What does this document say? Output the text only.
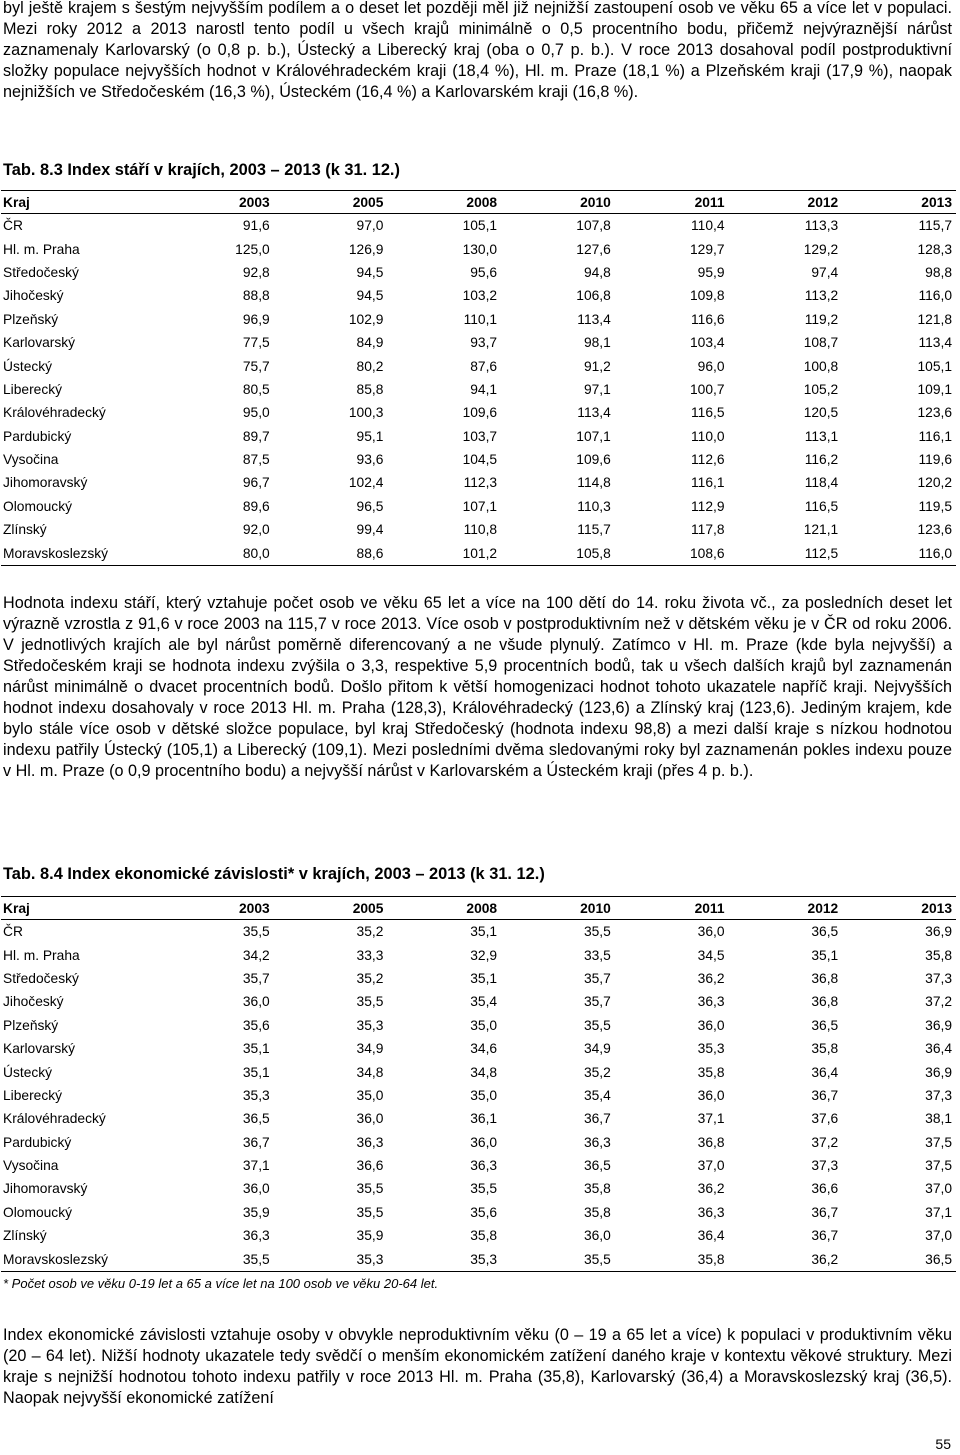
byl ještě krajem s šestým nejvyšším podílem a o deset let později měl již nejnižší zastoupení osob ve věku 65 a více let v populaci. Mezi roky 2012 a 2013 narostl tento podíl u všech krajů minimálně o 0,5 procentního bodu, přičemž nejvýraznější nárůst zaznamenaly Karlovarský (o 0,8 p. b.), Ústecký a Liberecký kraj (oba o 0,7 p. b.). V roce 2013 dosahoval podíl postproduktivní složky populace nejvyšších hodnot v Královéhradeckém kraji (18,4 %), Hl. m. Praze (18,1 %) a Plzeňském kraji (17,9 %), naopak nejnižších ve Středočeském (16,3 %), Ústeckém (16,4 %) a Karlovarském kraji (16,8 %).

Tab. 8.3 Index stáří v krajích, 2003 – 2013 (k 31. 12.)

Kraj	2003	2005	2008	2010	2011	2012	2013
ČR	91,6	97,0	105,1	107,8	110,4	113,3	115,7
Hl. m. Praha	125,0	126,9	130,0	127,6	129,7	129,2	128,3
Středočeský	92,8	94,5	95,6	94,8	95,9	97,4	98,8
Jihočeský	88,8	94,5	103,2	106,8	109,8	113,2	116,0
Plzeňský	96,9	102,9	110,1	113,4	116,6	119,2	121,8
Karlovarský	77,5	84,9	93,7	98,1	103,4	108,7	113,4
Ústecký	75,7	80,2	87,6	91,2	96,0	100,8	105,1
Liberecký	80,5	85,8	94,1	97,1	100,7	105,2	109,1
Královéhradecký	95,0	100,3	109,6	113,4	116,5	120,5	123,6
Pardubický	89,7	95,1	103,7	107,1	110,0	113,1	116,1
Vysočina	87,5	93,6	104,5	109,6	112,6	116,2	119,6
Jihomoravský	96,7	102,4	112,3	114,8	116,1	118,4	120,2
Olomoucký	89,6	96,5	107,1	110,3	112,9	116,5	119,5
Zlínský	92,0	99,4	110,8	115,7	117,8	121,1	123,6
Moravskoslezský	80,0	88,6	101,2	105,8	108,6	112,5	116,0

Hodnota indexu stáří, který vztahuje počet osob ve věku 65 let a více na 100 dětí do 14. roku života vč., za posledních deset let výrazně vzrostla z 91,6 v roce 2003 na 115,7 v roce 2013. Více osob v postproduktivním než v dětském věku je v ČR od roku 2006. V jednotlivých krajích ale byl nárůst poměrně diferencovaný a ne všude plynulý. Zatímco v Hl. m. Praze (kde byla nejvyšší) a Středočeském kraji se hodnota indexu zvýšila o 3,3, respektive 5,9 procentních bodů, tak u všech dalších krajů byl zaznamenán nárůst minimálně o dvacet procentních bodů. Došlo přitom k větší homogenizaci hodnot tohoto ukazatele napříč kraji. Nejvyšších hodnot indexu dosahovaly v roce 2013 Hl. m. Praha (128,3), Královéhradecký (123,6) a Zlínský kraj (123,6). Jediným krajem, kde bylo stále více osob v dětské složce populace, byl kraj Středočeský (hodnota indexu 98,8) a mezi další kraje s nízkou hodnotou indexu patřily Ústecký (105,1) a Liberecký (109,1). Mezi posledními dvěma sledovanými roky byl zaznamenán pokles indexu pouze v Hl. m. Praze (o 0,9 procentního bodu) a nejvyšší nárůst v Karlovarském a Ústeckém kraji (přes 4 p. b.).

Tab. 8.4 Index ekonomické závislosti* v krajích, 2003 – 2013 (k 31. 12.)

Kraj	2003	2005	2008	2010	2011	2012	2013
ČR	35,5	35,2	35,1	35,5	36,0	36,5	36,9
Hl. m. Praha	34,2	33,3	32,9	33,5	34,5	35,1	35,8
Středočeský	35,7	35,2	35,1	35,7	36,2	36,8	37,3
Jihočeský	36,0	35,5	35,4	35,7	36,3	36,8	37,2
Plzeňský	35,6	35,3	35,0	35,5	36,0	36,5	36,9
Karlovarský	35,1	34,9	34,6	34,9	35,3	35,8	36,4
Ústecký	35,1	34,8	34,8	35,2	35,8	36,4	36,9
Liberecký	35,3	35,0	35,0	35,4	36,0	36,7	37,3
Královéhradecký	36,5	36,0	36,1	36,7	37,1	37,6	38,1
Pardubický	36,7	36,3	36,0	36,3	36,8	37,2	37,5
Vysočina	37,1	36,6	36,3	36,5	37,0	37,3	37,5
Jihomoravský	36,0	35,5	35,5	35,8	36,2	36,6	37,0
Olomoucký	35,9	35,5	35,6	35,8	36,3	36,7	37,1
Zlínský	36,3	35,9	35,8	36,0	36,4	36,7	37,0
Moravskoslezský	35,5	35,3	35,3	35,5	35,8	36,2	36,5

* Počet osob ve věku 0-19 let a 65 a více let na 100 osob ve věku 20-64 let.

Index ekonomické závislosti vztahuje osoby v obvykle neproduktivním věku (0 – 19 a 65 let a více) k populaci v produktivním věku (20 – 64 let). Nižší hodnoty ukazatele tedy svědčí o menším ekonomickém zatížení daného kraje v kontextu věkové struktury. Mezi kraje s nejnižší hodnotou tohoto indexu patřily v roce 2013 Hl. m. Praha (35,8), Karlovarský (36,4) a Moravskoslezský kraj (36,5). Naopak nejvyšší ekonomické zatížení

55
